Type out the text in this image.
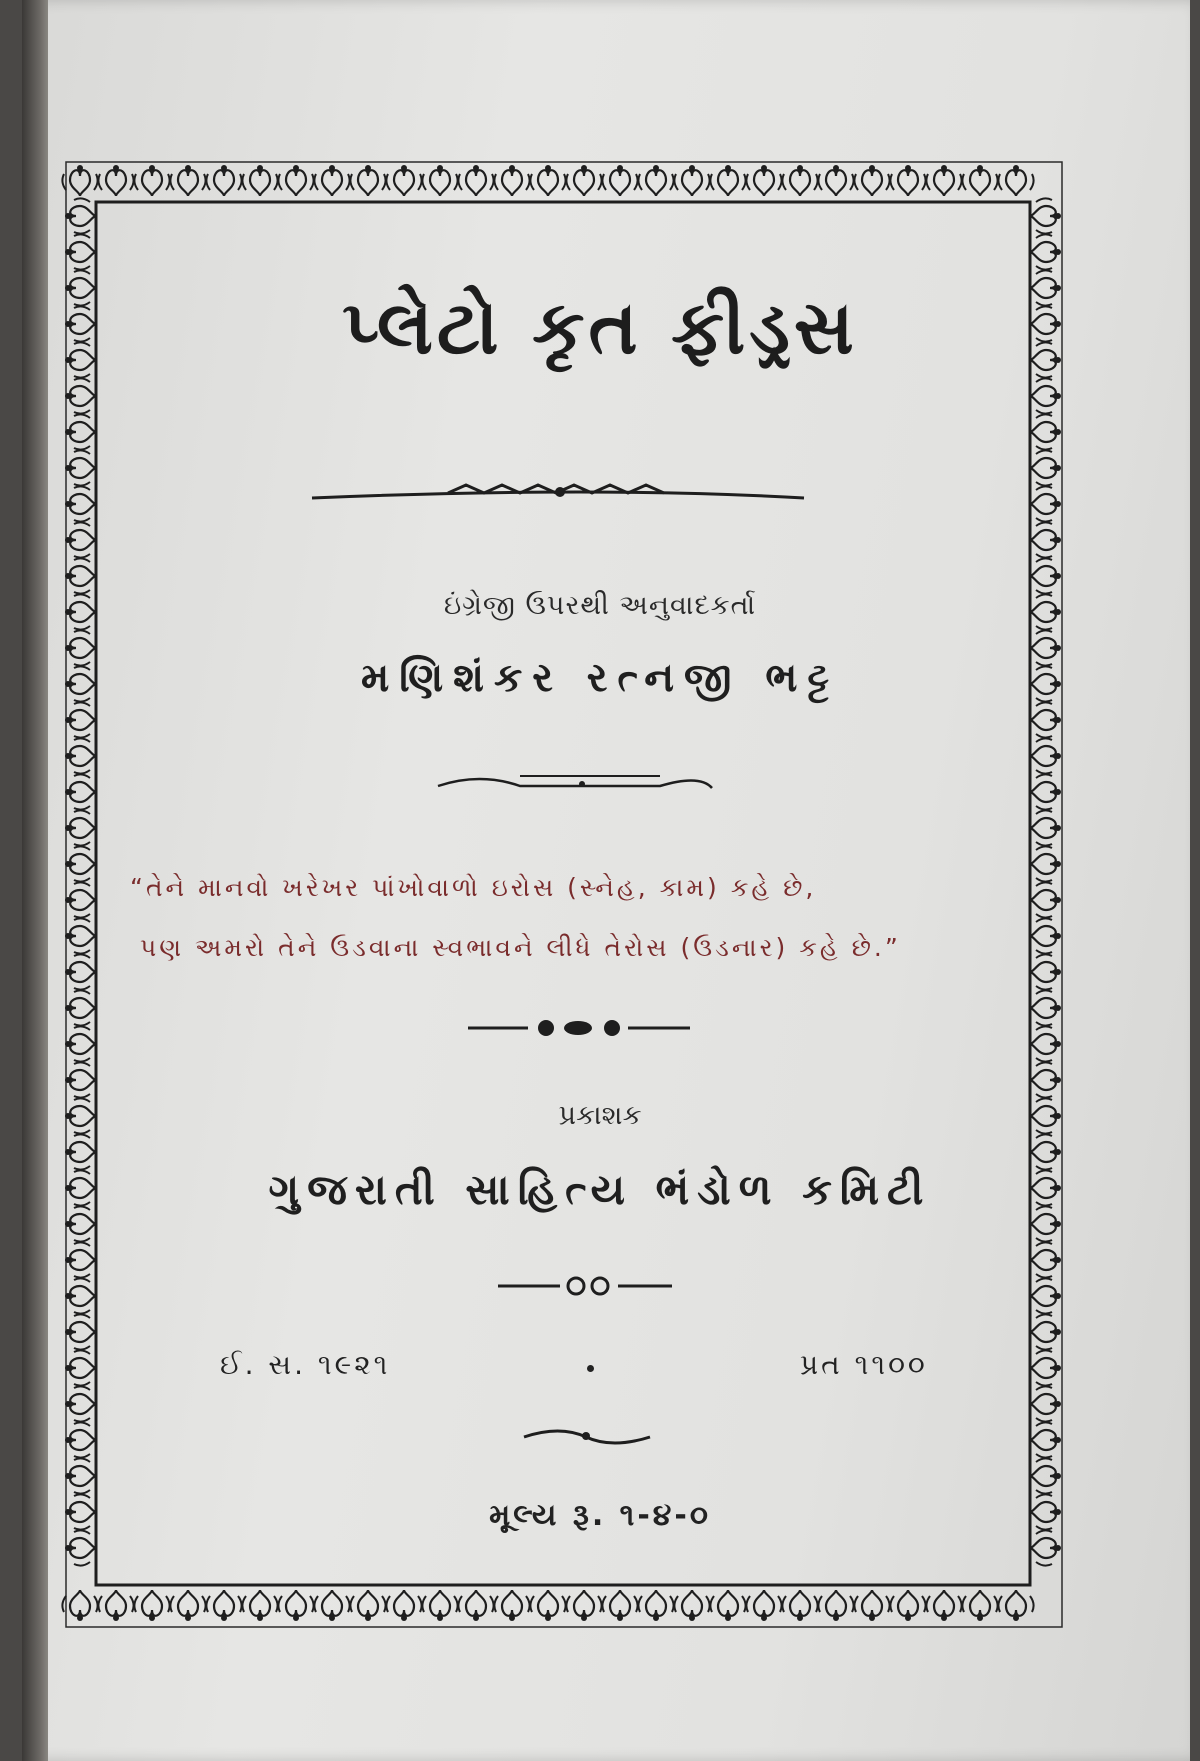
પ્લેટો કૃત ફીડ્રસ
ઇંગ્રેજી ઉપરથી અનુવાદકર્તા
મણિશંકર રત્નજી ભટ્ટ
“તેને માનવો ખરેખર પાંખોવાળો ઇરોસ (સ્નેહ, કામ) કહે છે,
પણ અમરો તેને ઉડવાના સ્વભાવને લીધે તેરોસ (ઉડનાર) કહે છે.”
પ્રકાશક
ગુજરાતી સાહિત્ય ભંડોળ કમિટી
ઈ. સ. ૧૯૨૧	પ્રત ૧૧૦૦
મૂલ્ય રૂ. ૧-૪-૦
